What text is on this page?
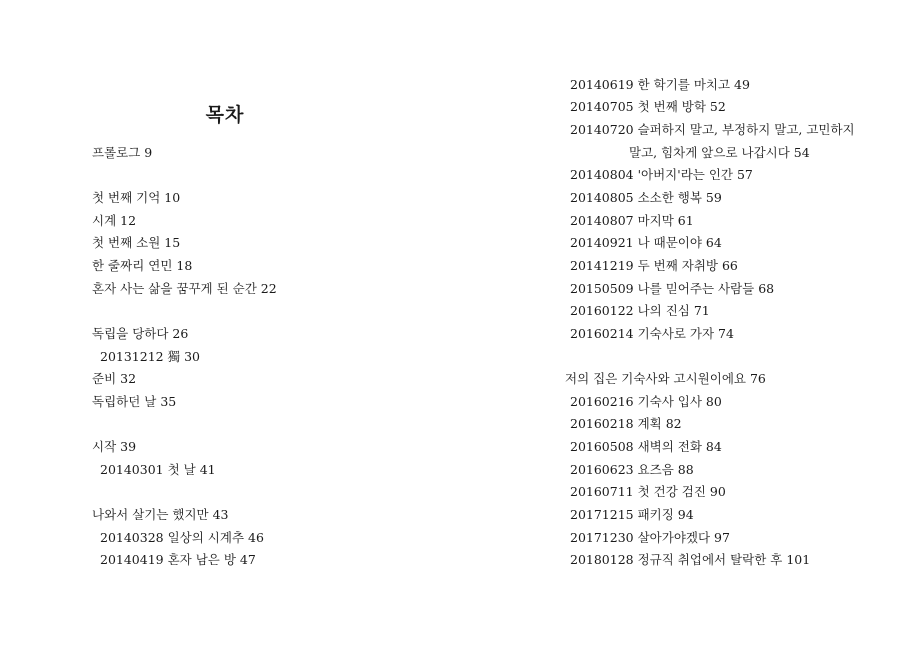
목차
프롤로그 9
첫 번째 기억 10
시계 12
첫 번째 소원 15
한 줄짜리 연민 18
혼자 사는 삶을 꿈꾸게 된 순간 22
독립을 당하다 26
20131212 獨 30
준비 32
독립하던 날 35
시작 39
20140301 첫 날 41
나와서 살기는 했지만 43
20140328 일상의 시계추 46
20140419 혼자 남은 방 47
20140619 한 학기를 마치고 49
20140705 첫 번째 방학 52
20140720 슬퍼하지 말고, 부정하지 말고, 고민하지
말고, 힘차게 앞으로 나갑시다 54
20140804 '아버지'라는 인간 57
20140805 소소한 행복 59
20140807 마지막 61
20140921 나 때문이야 64
20141219 두 번째 자취방 66
20150509 나를 믿어주는 사람들 68
20160122 나의 진심 71
20160214 기숙사로 가자 74
저의 집은 기숙사와 고시원이에요 76
20160216 기숙사 입사 80
20160218 계획 82
20160508 새벽의 전화 84
20160623 요즈음 88
20160711 첫 건강 검진 90
20171215 패키징 94
20171230 살아가야겠다 97
20180128 정규직 취업에서 탈락한 후 101
